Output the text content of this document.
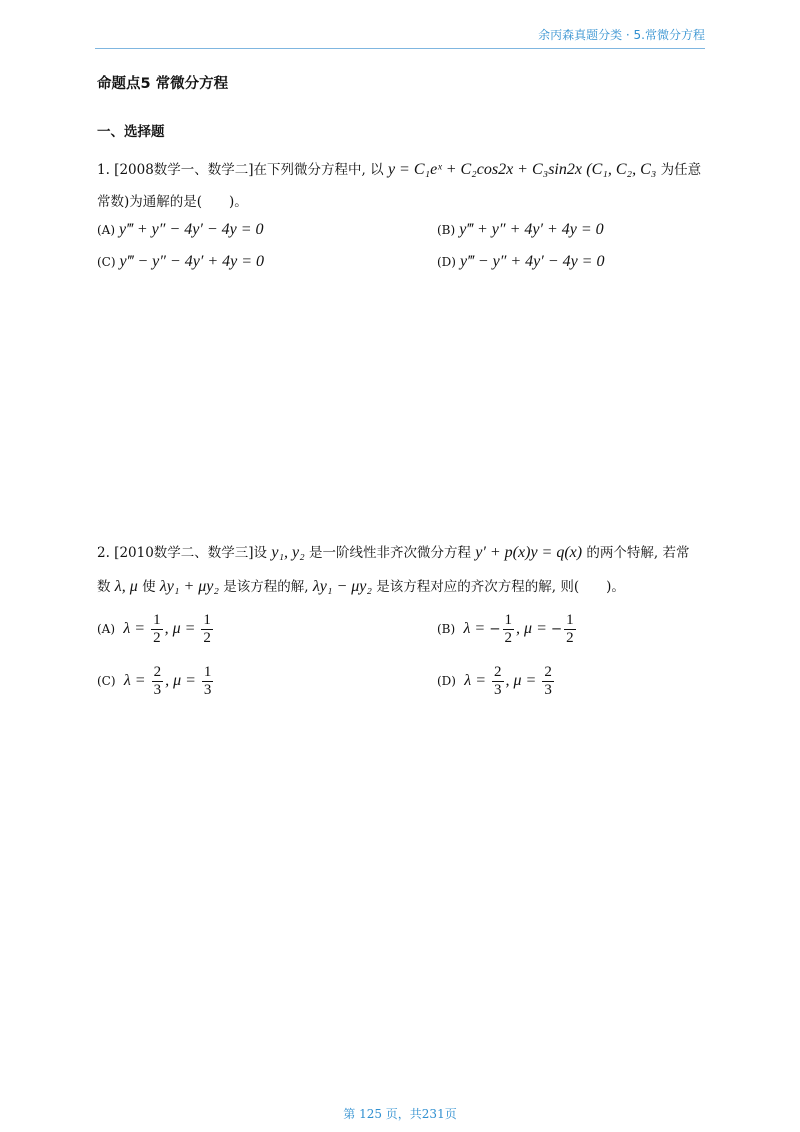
余丙森真题分类 · 5.常微分方程
命题点5 常微分方程
一、选择题
1. [2008数学一、数学二]在下列微分方程中, 以 y = C₁eˣ + C₂cos2x + C₃sin2x (C₁, C₂, C₃ 为任意
常数)为通解的是(　　)。
(A) y‴ + y″ − 4y′ − 4y = 0	(B) y‴ + y″ + 4y′ + 4y = 0
(C) y‴ − y″ − 4y′ + 4y = 0	(D) y‴ − y″ + 4y′ − 4y = 0
2. [2010数学二、数学三]设 y₁, y₂ 是一阶线性非齐次微分方程 y′ + p(x)y = q(x) 的两个特解, 若常
数 λ, μ 使 λy₁ + μy₂ 是该方程的解, λy₁ − μy₂ 是该方程对应的齐次方程的解, 则(　　)。
(A) $\lambda = \frac{1}{2}$ , $\mu = \frac{1}{2}$	(B) λ = − $\frac{1}{2}$ , μ = − $\frac{1}{2}$
(C) $\lambda = \frac{2}{3}$ , $\mu = \frac{1}{3}$	(D) $\lambda = \frac{2}{3}$ , $\mu = \frac{2}{3}$
第 125 页，共231页
